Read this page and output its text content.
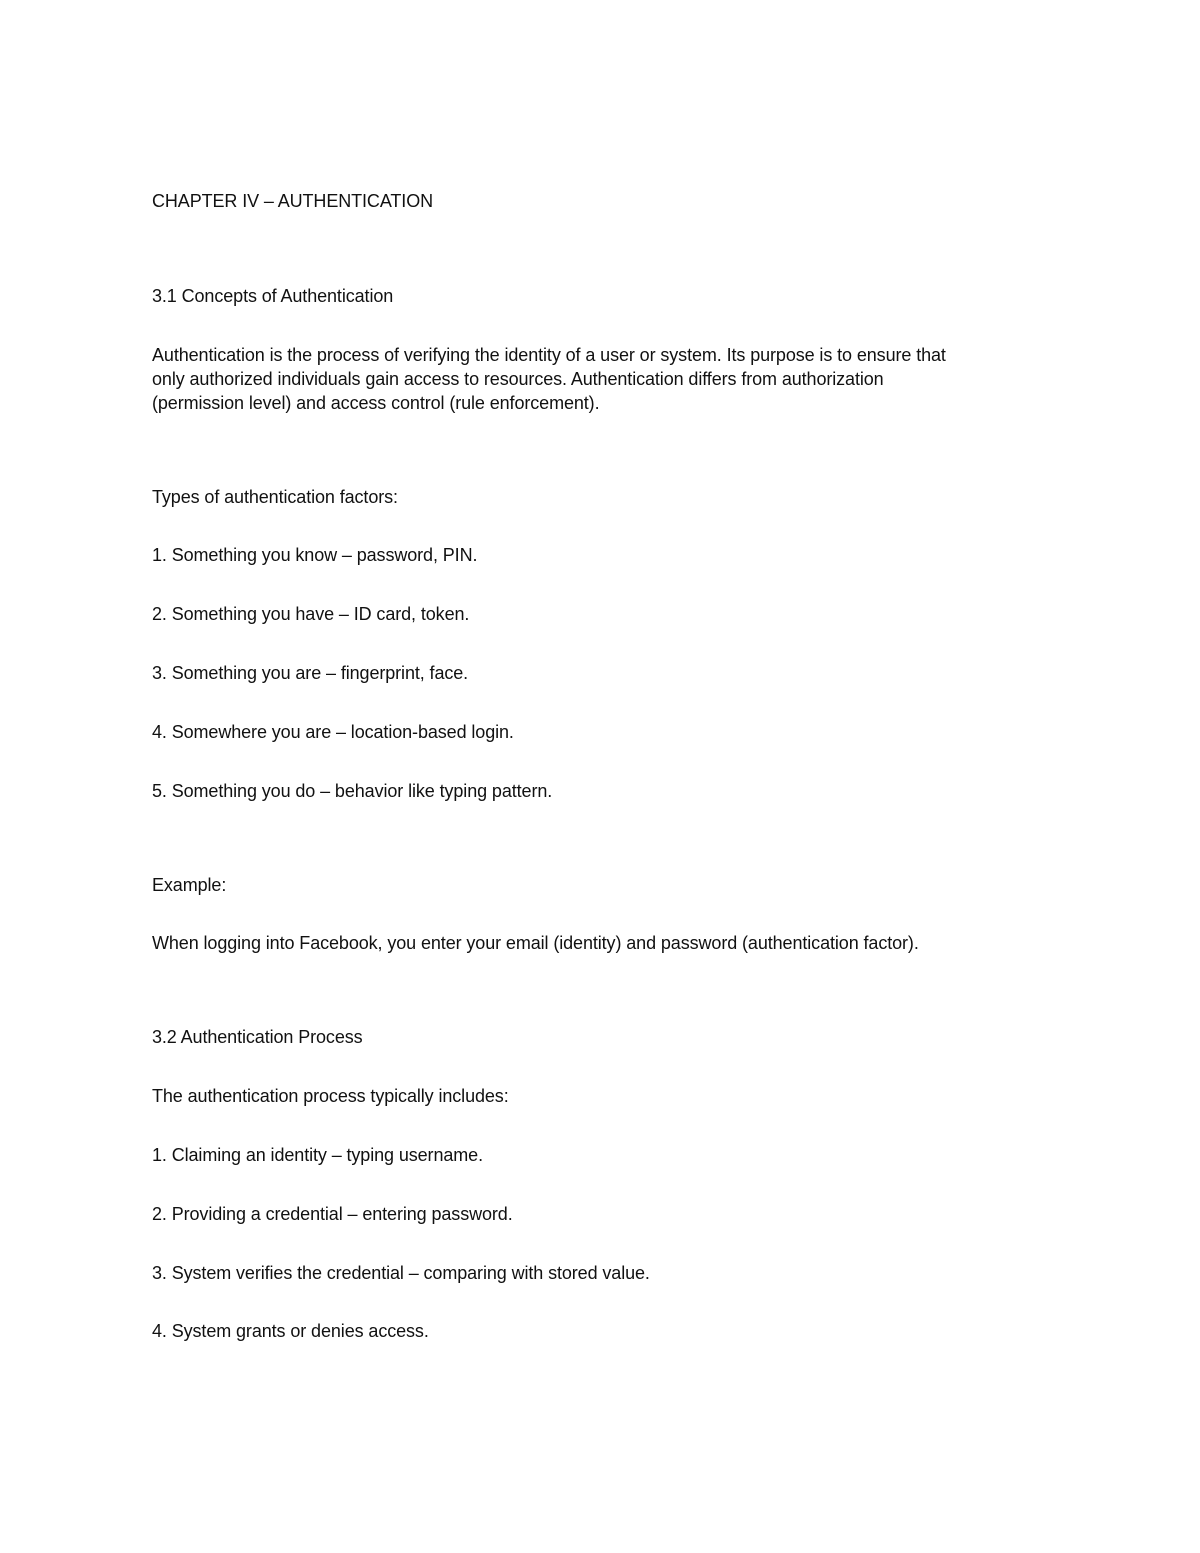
CHAPTER IV – AUTHENTICATION
3.1 Concepts of Authentication
Authentication is the process of verifying the identity of a user or system. Its purpose is to ensure that
only authorized individuals gain access to resources. Authentication differs from authorization
(permission level) and access control (rule enforcement).
Types of authentication factors:
1. Something you know – password, PIN.
2. Something you have – ID card, token.
3. Something you are – fingerprint, face.
4. Somewhere you are – location-based login.
5. Something you do – behavior like typing pattern.
Example:
When logging into Facebook, you enter your email (identity) and password (authentication factor).
3.2 Authentication Process
The authentication process typically includes:
1. Claiming an identity – typing username.
2. Providing a credential – entering password.
3. System verifies the credential – comparing with stored value.
4. System grants or denies access.
